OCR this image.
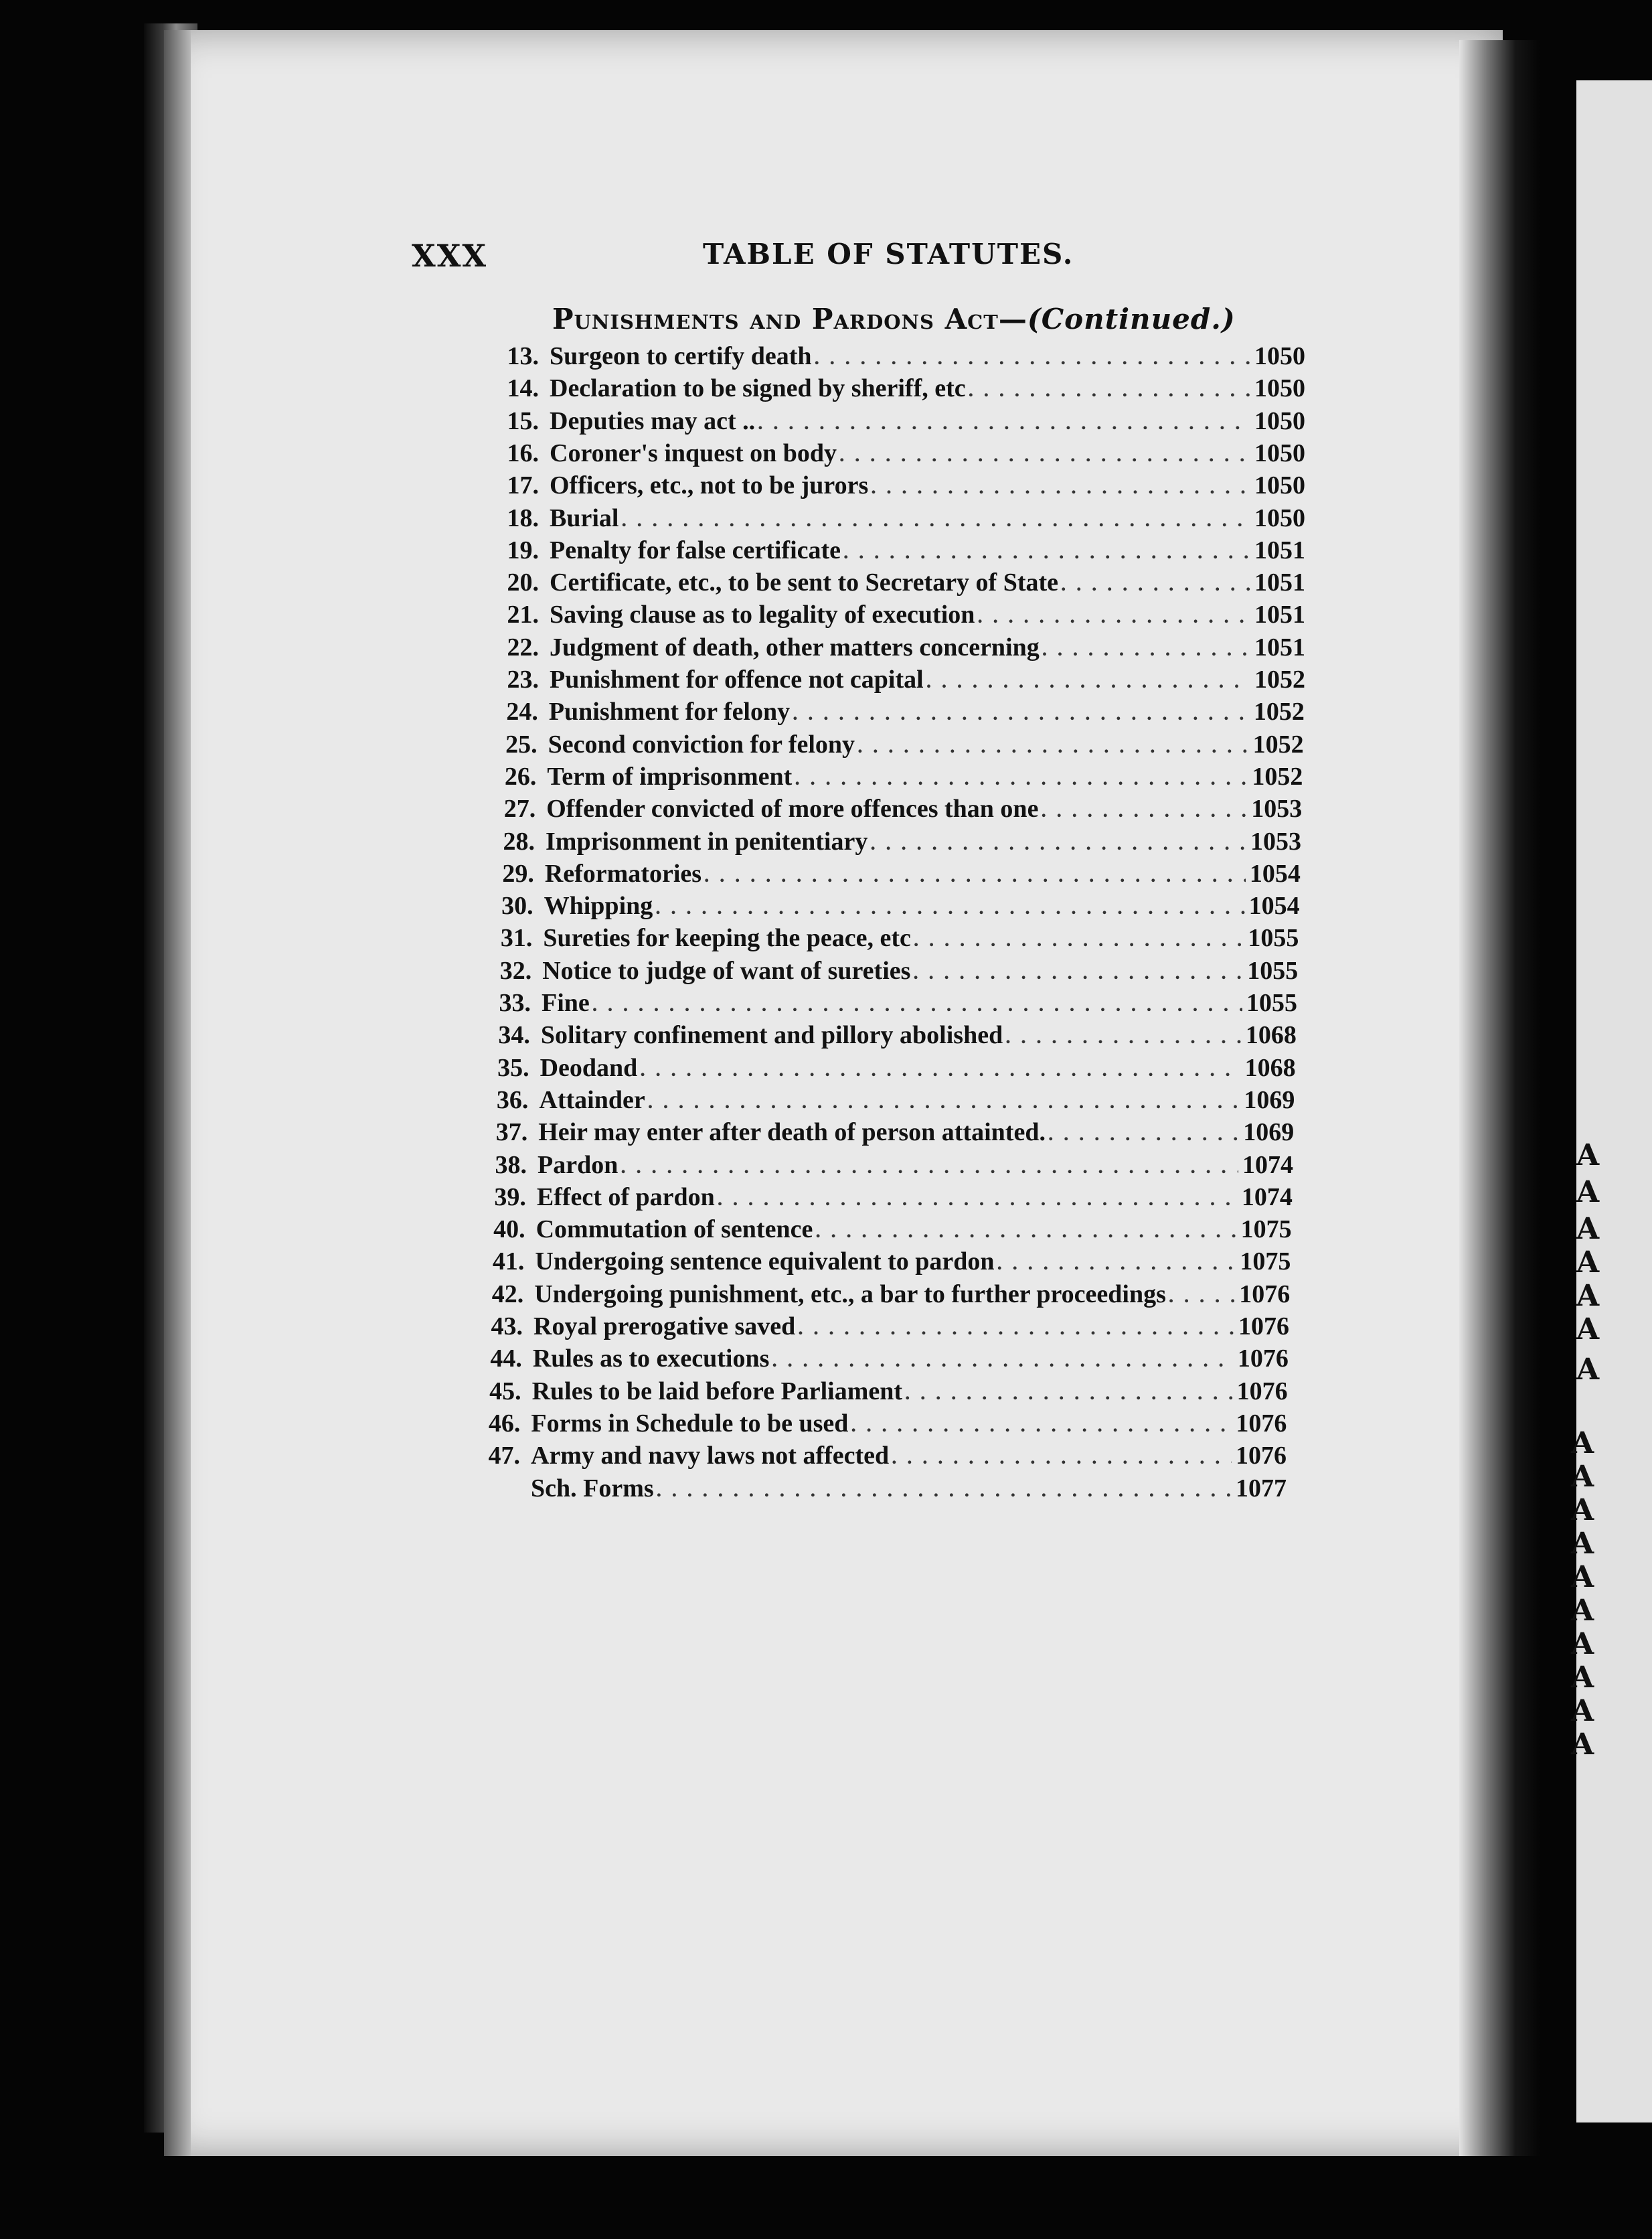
A
A
A
A
A
A
A
A
A
A
A
A
A
A
A
A
A
XXX	TABLE OF STATUTES.
Punishments and Pardons Act—(Continued.)
13. Surgeon to certify death . . .	1050
14. Declaration to be signed by sheriff, etc . . .	1050
15. Deputies may act .. . . .	1050
16. Coroner's inquest on body . . .	1050
17. Officers, etc., not to be jurors . . .	1050
18. Burial . . .	1050
19. Penalty for false certificate . . .	1051
20. Certificate, etc., to be sent to Secretary of State . . .	1051
21. Saving clause as to legality of execution . . .	1051
22. Judgment of death, other matters concerning . . .	1051
23. Punishment for offence not capital . . .	1052
24. Punishment for felony . . .	1052
25. Second conviction for felony . . .	1052
26. Term of imprisonment . . .	1052
27. Offender convicted of more offences than one . . .	1053
28. Imprisonment in penitentiary . . .	1053
29. Reformatories . . .	1054
30. Whipping . . .	1054
31. Sureties for keeping the peace, etc . . .	1055
32. Notice to judge of want of sureties . . .	1055
33. Fine . . .	1055
34. Solitary confinement and pillory abolished . . .	1068
35. Deodand . . .	1068
36. Attainder . . .	1069
37. Heir may enter after death of person attainted. . . .	1069
38. Pardon . . .	1074
39. Effect of pardon . . .	1074
40. Commutation of sentence . . .	1075
41. Undergoing sentence equivalent to pardon . . .	1075
42. Undergoing punishment, etc., a bar to further proceedings . . .	1076
43. Royal prerogative saved . . .	1076
44. Rules as to executions . . .	1076
45. Rules to be laid before Parliament . . .	1076
46. Forms in Schedule to be used . . .	1076
47. Army and navy laws not affected . . .	1076
Sch. Forms . . .	1077
